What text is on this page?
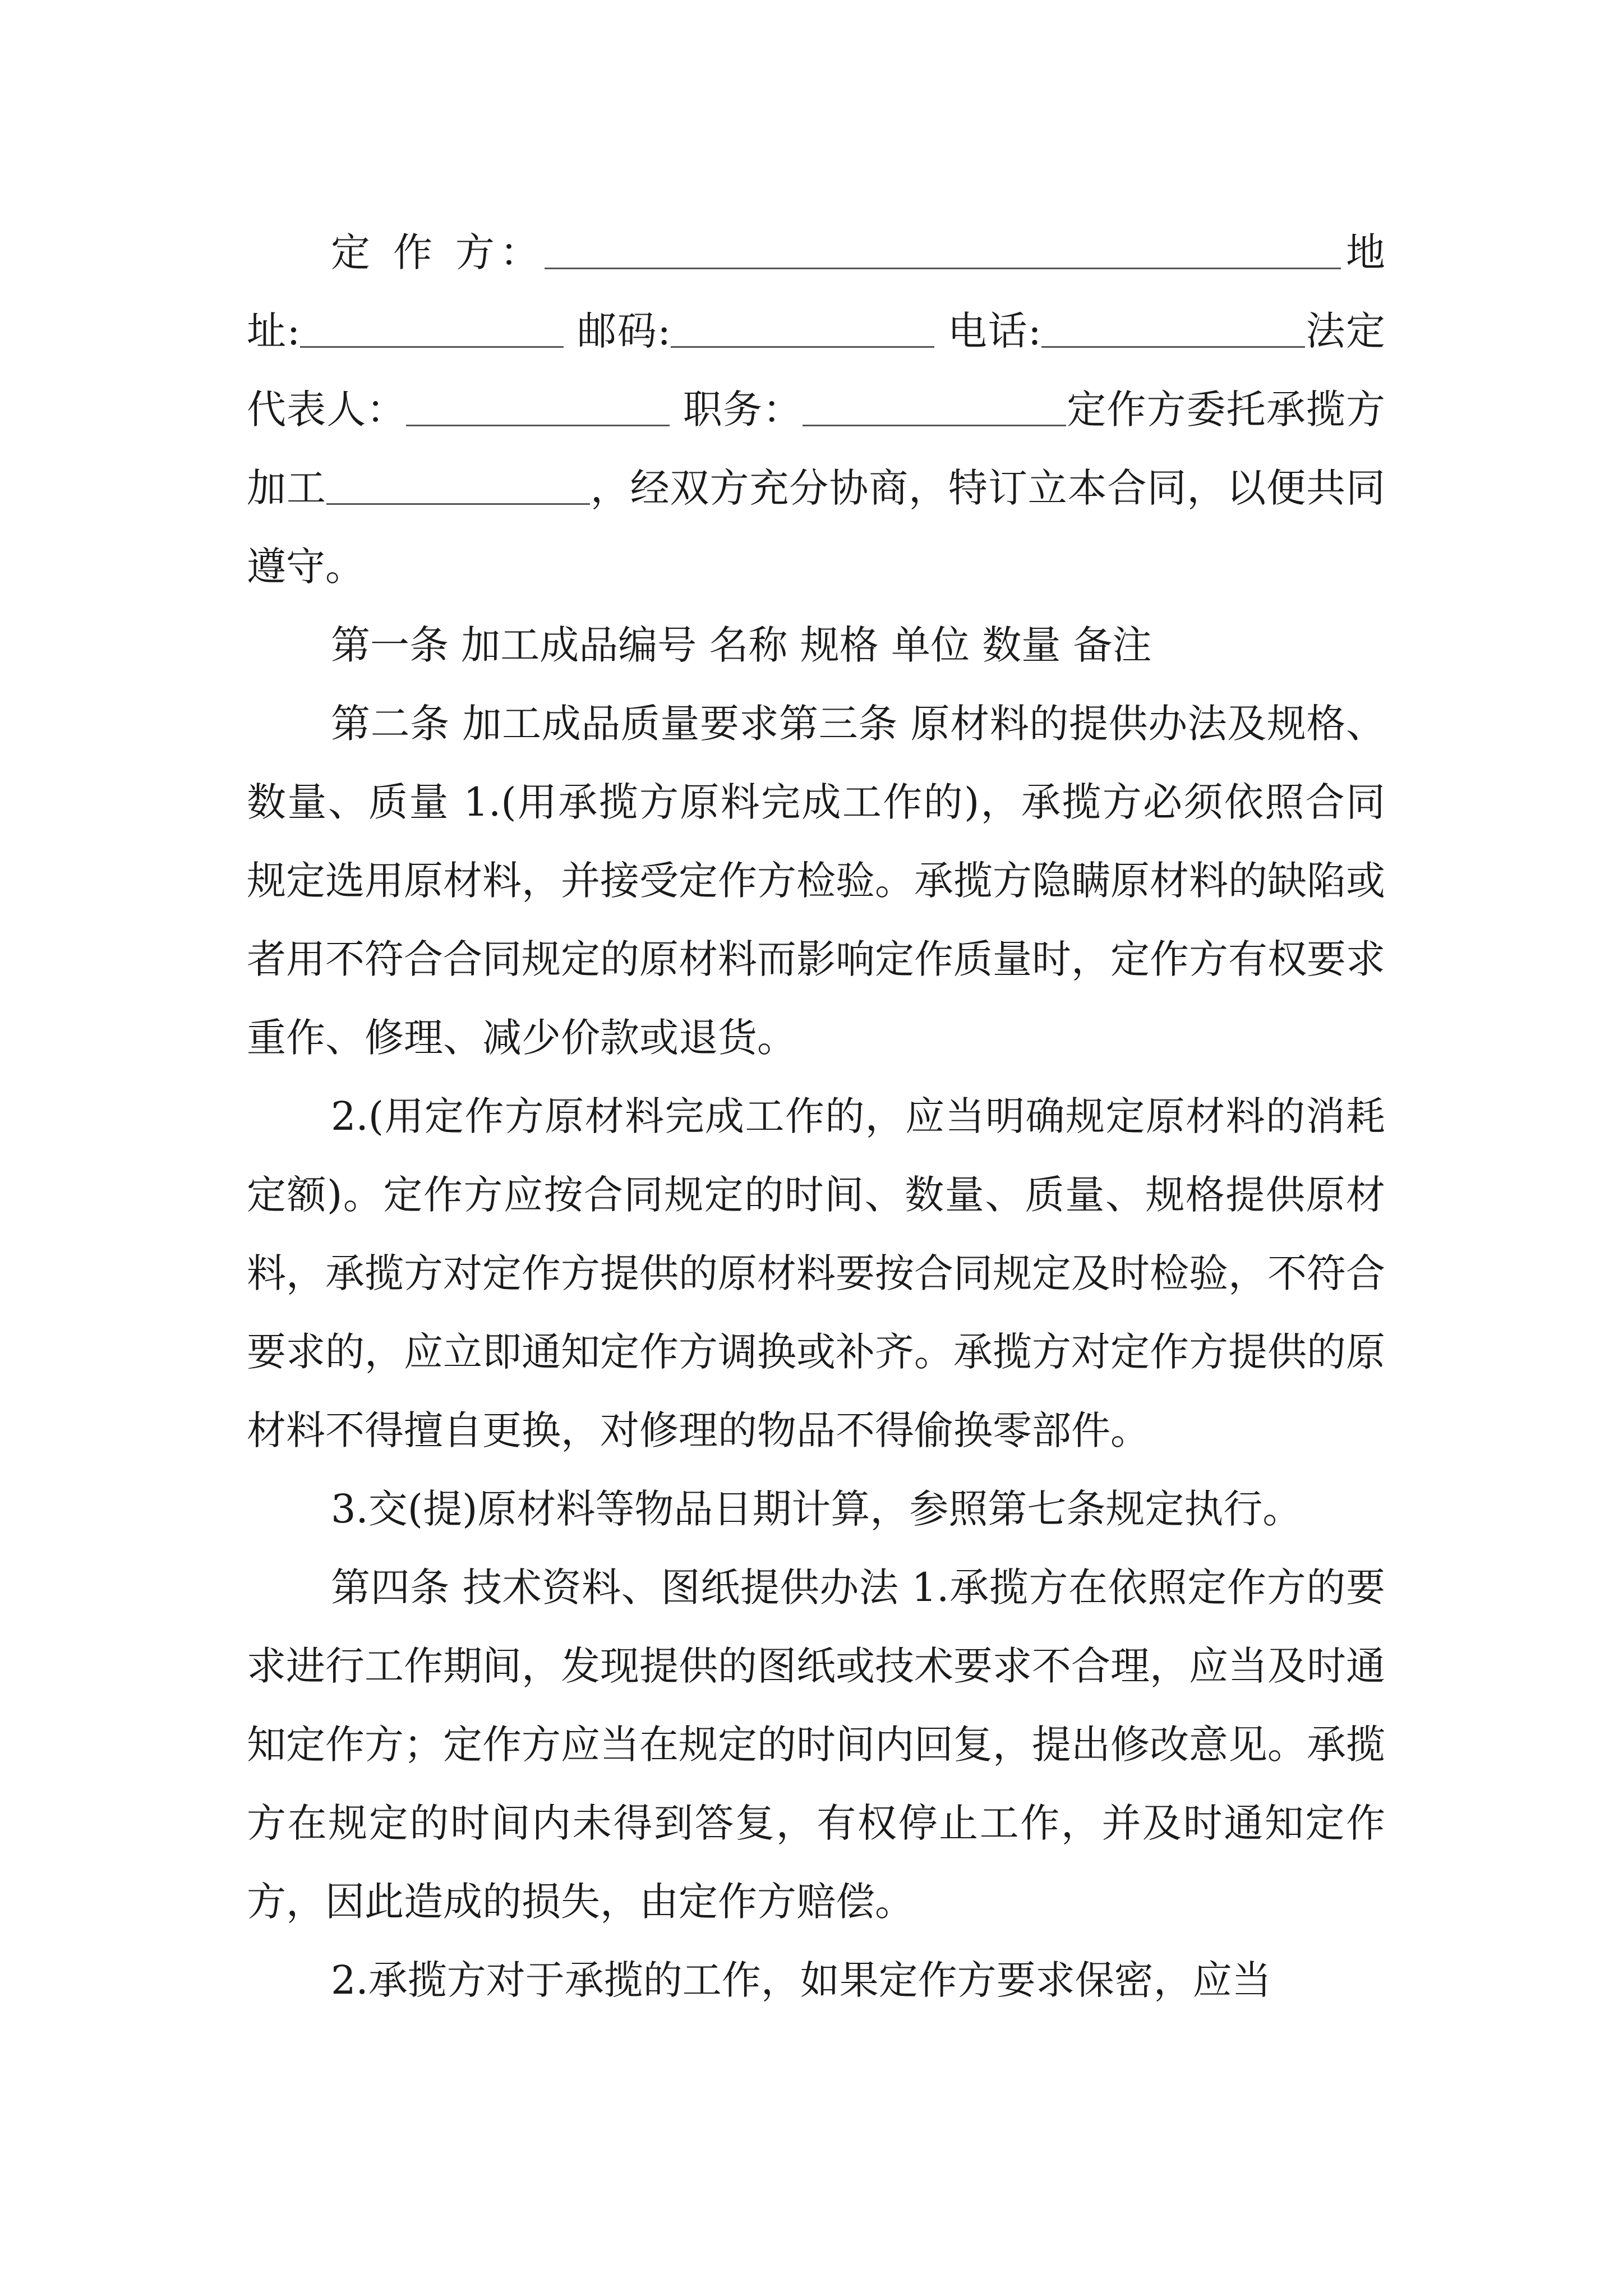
定 作 方：	地址:	邮码:	电话:	法定代表人：	职务：	定作方委托承揽方加工	，经双方充分协商，特订立本合同，以便共同遵守。

第一条 加工成品编号 名称 规格 单位 数量 备注

第二条 加工成品质量要求第三条 原材料的提供办法及规格、数量、质量 1.(用承揽方原料完成工作的)，承揽方必须依照合同规定选用原材料，并接受定作方检验。承揽方隐瞒原材料的缺陷或者用不符合合同规定的原材料而影响定作质量时，定作方有权要求重作、修理、减少价款或退货。

2.(用定作方原材料完成工作的，应当明确规定原材料的消耗定额)。定作方应按合同规定的时间、数量、质量、规格提供原材料，承揽方对定作方提供的原材料要按合同规定及时检验，不符合要求的，应立即通知定作方调换或补齐。承揽方对定作方提供的原材料不得擅自更换，对修理的物品不得偷换零部件。

3.交(提)原材料等物品日期计算，参照第七条规定执行。

第四条 技术资料、图纸提供办法 1.承揽方在依照定作方的要求进行工作期间，发现提供的图纸或技术要求不合理，应当及时通知定作方；定作方应当在规定的时间内回复，提出修改意见。承揽方在规定的时间内未得到答复，有权停止工作，并及时通知定作方，因此造成的损失，由定作方赔偿。

2.承揽方对于承揽的工作，如果定作方要求保密，应当
